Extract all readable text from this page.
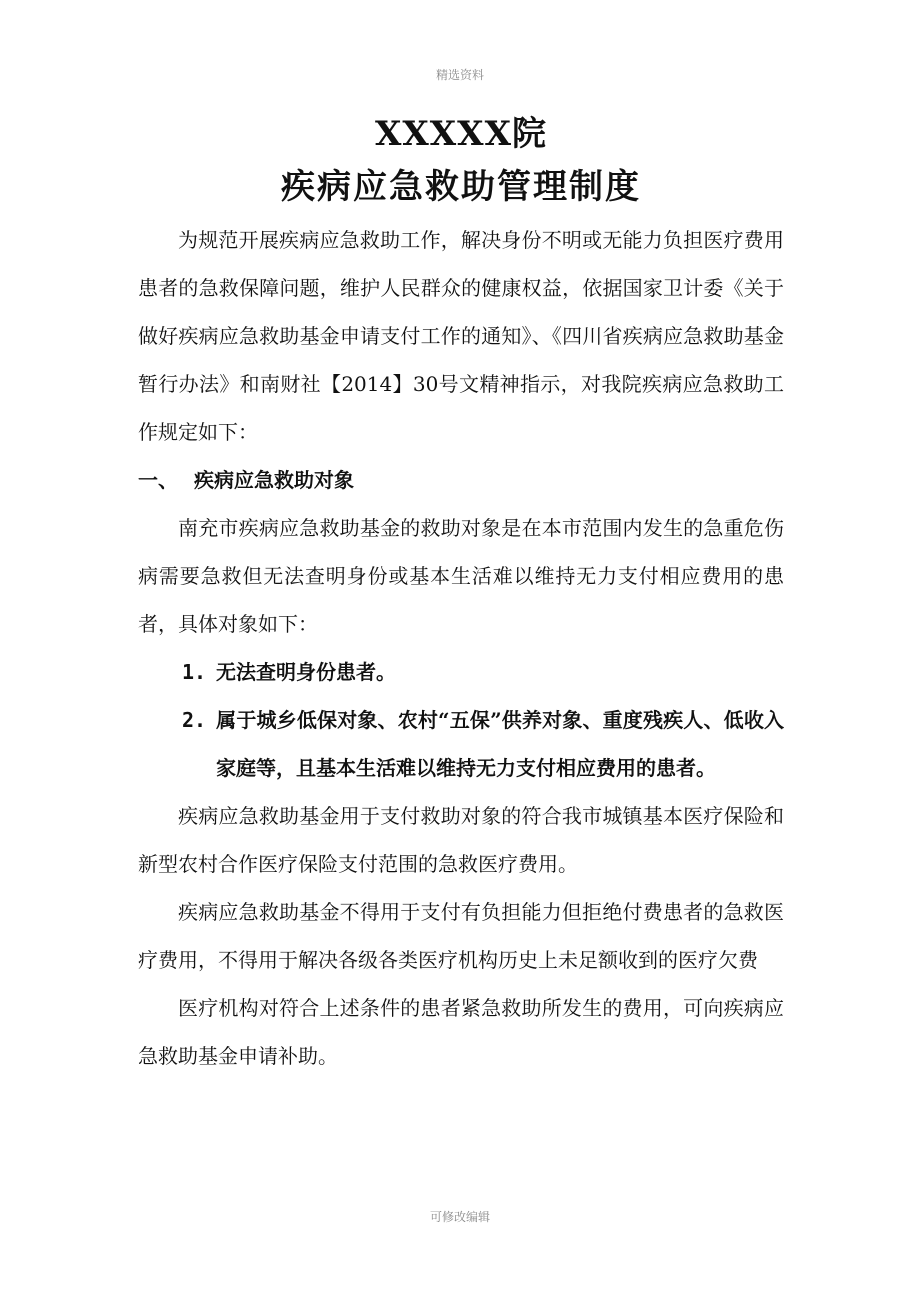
精选资料
XXXXX院
疾病应急救助管理制度

为规范开展疾病应急救助工作，解决身份不明或无能力负担医疗费用患者的急救保障问题，维护人民群众的健康权益，依据国家卫计委《关于做好疾病应急救助基金申请支付工作的通知》、《四川省疾病应急救助基金暂行办法》和南财社【2014】30号文精神指示，对我院疾病应急救助工作规定如下：

一、 疾病应急救助对象

南充市疾病应急救助基金的救助对象是在本市范围内发生的急重危伤病需要急救但无法查明身份或基本生活难以维持无力支付相应费用的患者，具体对象如下：

1. 无法查明身份患者。

2. 属于城乡低保对象、农村“五保”供养对象、重度残疾人、低收入家庭等，且基本生活难以维持无力支付相应费用的患者。

疾病应急救助基金用于支付救助对象的符合我市城镇基本医疗保险和新型农村合作医疗保险支付范围的急救医疗费用。

疾病应急救助基金不得用于支付有负担能力但拒绝付费患者的急救医疗费用，不得用于解决各级各类医疗机构历史上未足额收到的医疗欠费

医疗机构对符合上述条件的患者紧急救助所发生的费用，可向疾病应急救助基金申请补助。

可修改编辑
